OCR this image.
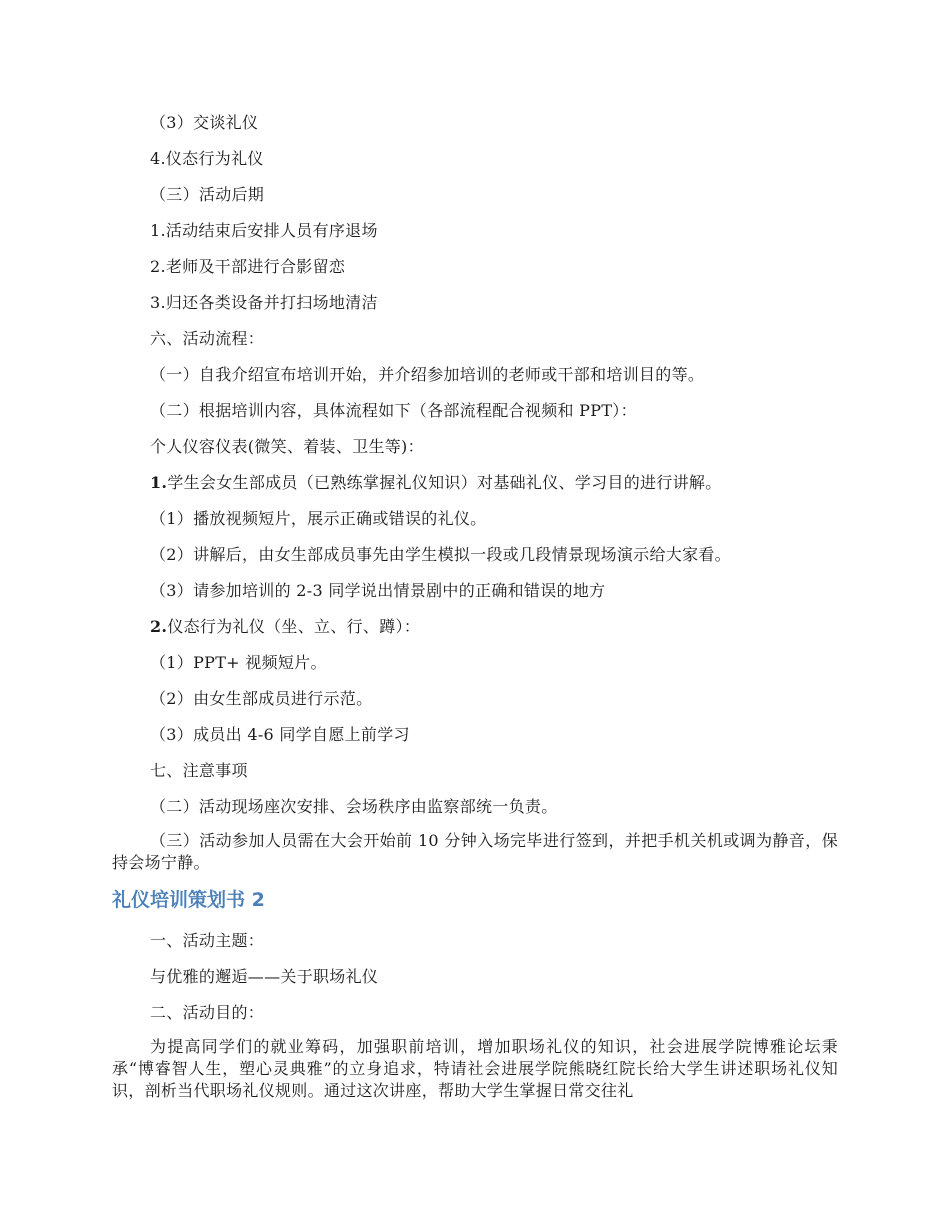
（3）交谈礼仪
4.仪态行为礼仪
（三）活动后期
1.活动结束后安排人员有序退场
2.老师及干部进行合影留恋
3.归还各类设备并打扫场地清洁
六、活动流程：
（一）自我介绍宣布培训开始，并介绍参加培训的老师或干部和培训目的等。
（二）根据培训内容，具体流程如下（各部流程配合视频和 PPT）：
个人仪容仪表(微笑、着装、卫生等)：
1.学生会女生部成员（已熟练掌握礼仪知识）对基础礼仪、学习目的进行讲解。
（1）播放视频短片，展示正确或错误的礼仪。
（2）讲解后，由女生部成员事先由学生模拟一段或几段情景现场演示给大家看。
（3）请参加培训的 2-3 同学说出情景剧中的正确和错误的地方
2.仪态行为礼仪（坐、立、行、蹲）：
（1）PPT+ 视频短片。
（2）由女生部成员进行示范。
（3）成员出 4-6 同学自愿上前学习
七、注意事项
（二）活动现场座次安排、会场秩序由监察部统一负责。
（三）活动参加人员需在大会开始前 10 分钟入场完毕进行签到，并把手机关机或调为静音，保持会场宁静。
礼仪培训策划书 2
一、活动主题：
与优雅的邂逅——关于职场礼仪
二、活动目的：
为提高同学们的就业筹码，加强职前培训，增加职场礼仪的知识，社会进展学院博雅论坛秉承“博睿智人生，塑心灵典雅”的立身追求，特请社会进展学院熊晓红院长给大学生讲述职场礼仪知识，剖析当代职场礼仪规则。通过这次讲座，帮助大学生掌握日常交往礼
